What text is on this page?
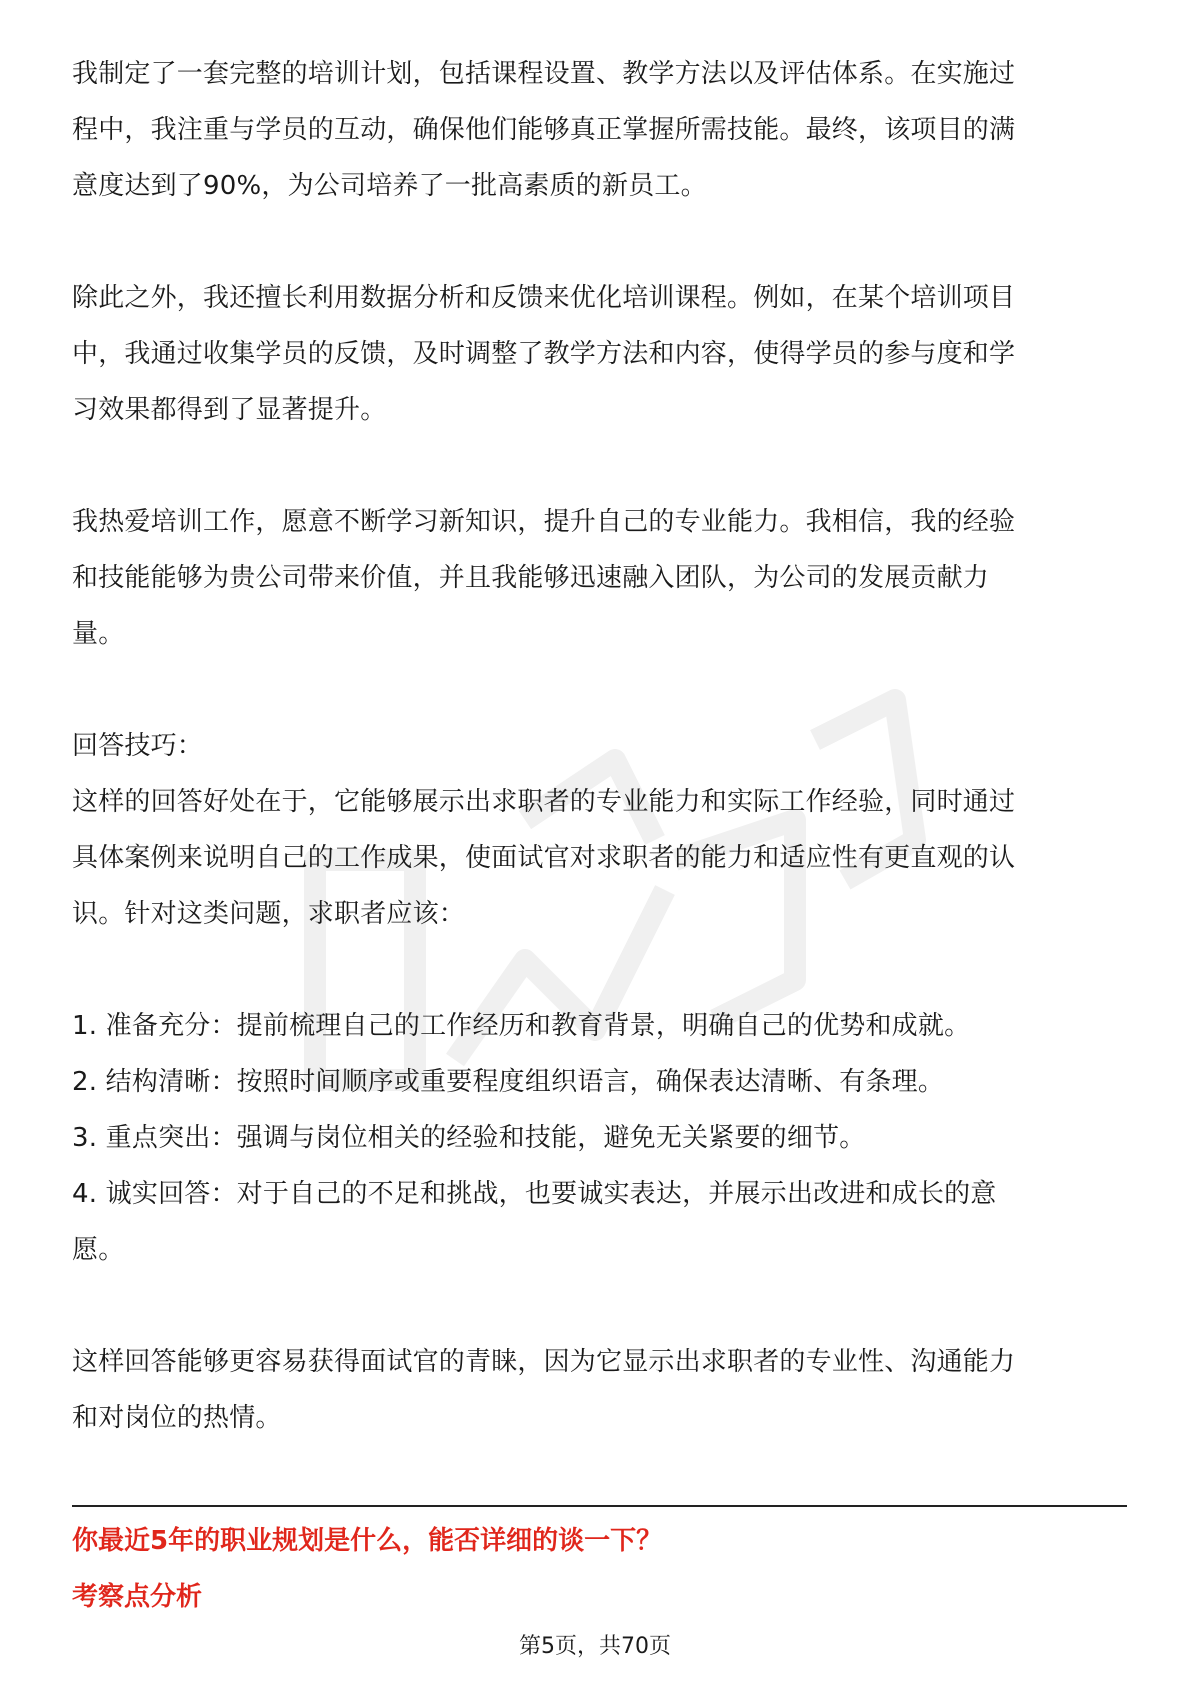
我制定了一套完整的培训计划，包括课程设置、教学方法以及评估体系。在实施过
程中，我注重与学员的互动，确保他们能够真正掌握所需技能。最终，该项目的满
意度达到了90%，为公司培养了一批高素质的新员工。

除此之外，我还擅长利用数据分析和反馈来优化培训课程。例如，在某个培训项目
中，我通过收集学员的反馈，及时调整了教学方法和内容，使得学员的参与度和学
习效果都得到了显著提升。

我热爱培训工作，愿意不断学习新知识，提升自己的专业能力。我相信，我的经验
和技能能够为贵公司带来价值，并且我能够迅速融入团队，为公司的发展贡献力
量。

回答技巧：
这样的回答好处在于，它能够展示出求职者的专业能力和实际工作经验，同时通过
具体案例来说明自己的工作成果，使面试官对求职者的能力和适应性有更直观的认
识。针对这类问题，求职者应该：

1. 准备充分：提前梳理自己的工作经历和教育背景，明确自己的优势和成就。
2. 结构清晰：按照时间顺序或重要程度组织语言，确保表达清晰、有条理。
3. 重点突出：强调与岗位相关的经验和技能，避免无关紧要的细节。
4. 诚实回答：对于自己的不足和挑战，也要诚实表达，并展示出改进和成长的意
愿。

这样回答能够更容易获得面试官的青睐，因为它显示出求职者的专业性、沟通能力
和对岗位的热情。

你最近5年的职业规划是什么，能否详细的谈一下？
考察点分析
第5页，共70页
